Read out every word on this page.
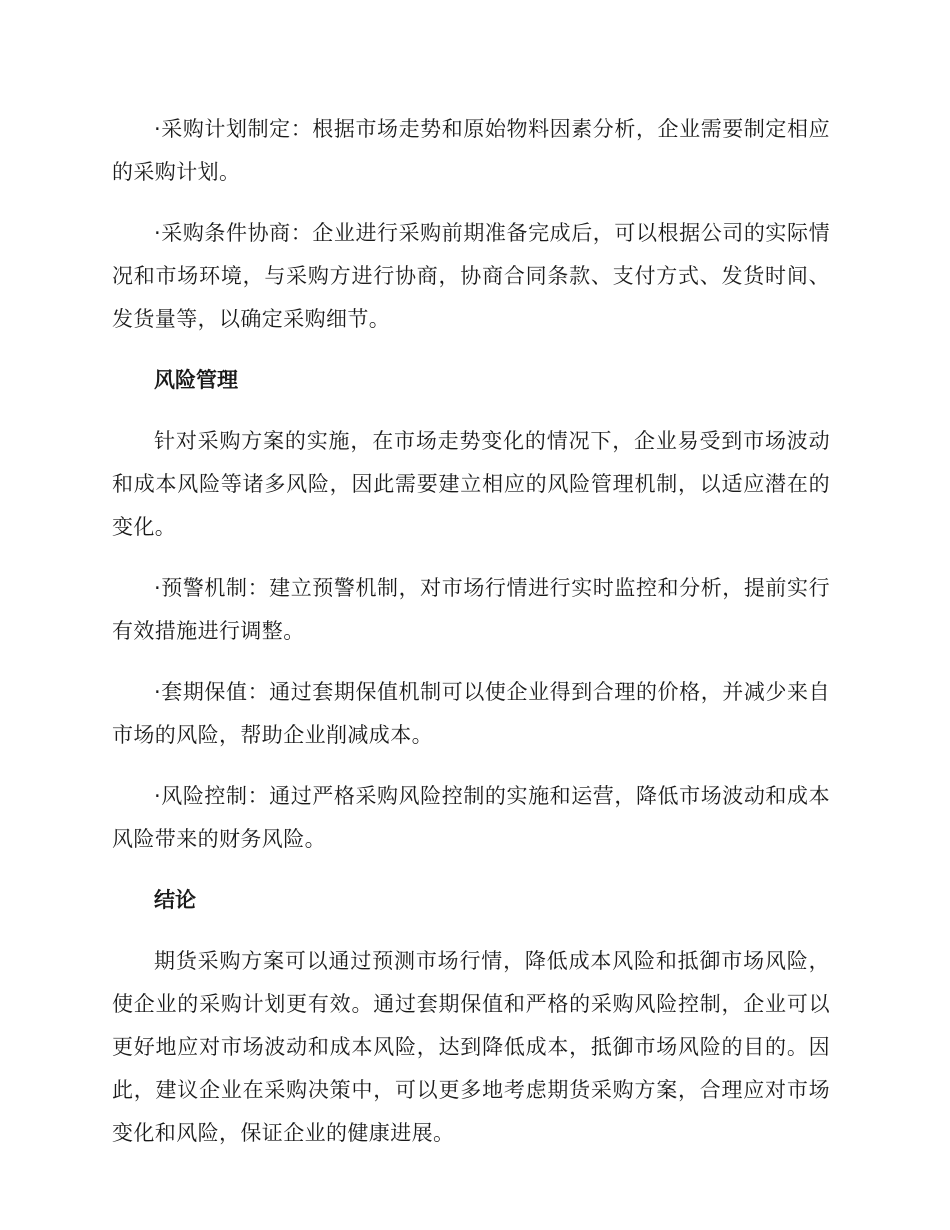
·采购计划制定：根据市场走势和原始物料因素分析，企业需要制定相应的采购计划。

·采购条件协商：企业进行采购前期准备完成后，可以根据公司的实际情况和市场环境，与采购方进行协商，协商合同条款、支付方式、发货时间、发货量等，以确定采购细节。

风险管理

针对采购方案的实施，在市场走势变化的情况下，企业易受到市场波动和成本风险等诸多风险，因此需要建立相应的风险管理机制，以适应潜在的变化。

·预警机制：建立预警机制，对市场行情进行实时监控和分析，提前实行有效措施进行调整。

·套期保值：通过套期保值机制可以使企业得到合理的价格，并减少来自市场的风险，帮助企业削减成本。

·风险控制：通过严格采购风险控制的实施和运营，降低市场波动和成本风险带来的财务风险。

结论

期货采购方案可以通过预测市场行情，降低成本风险和抵御市场风险，使企业的采购计划更有效。通过套期保值和严格的采购风险控制，企业可以更好地应对市场波动和成本风险，达到降低成本，抵御市场风险的目的。因此，建议企业在采购决策中，可以更多地考虑期货采购方案，合理应对市场变化和风险，保证企业的健康进展。
